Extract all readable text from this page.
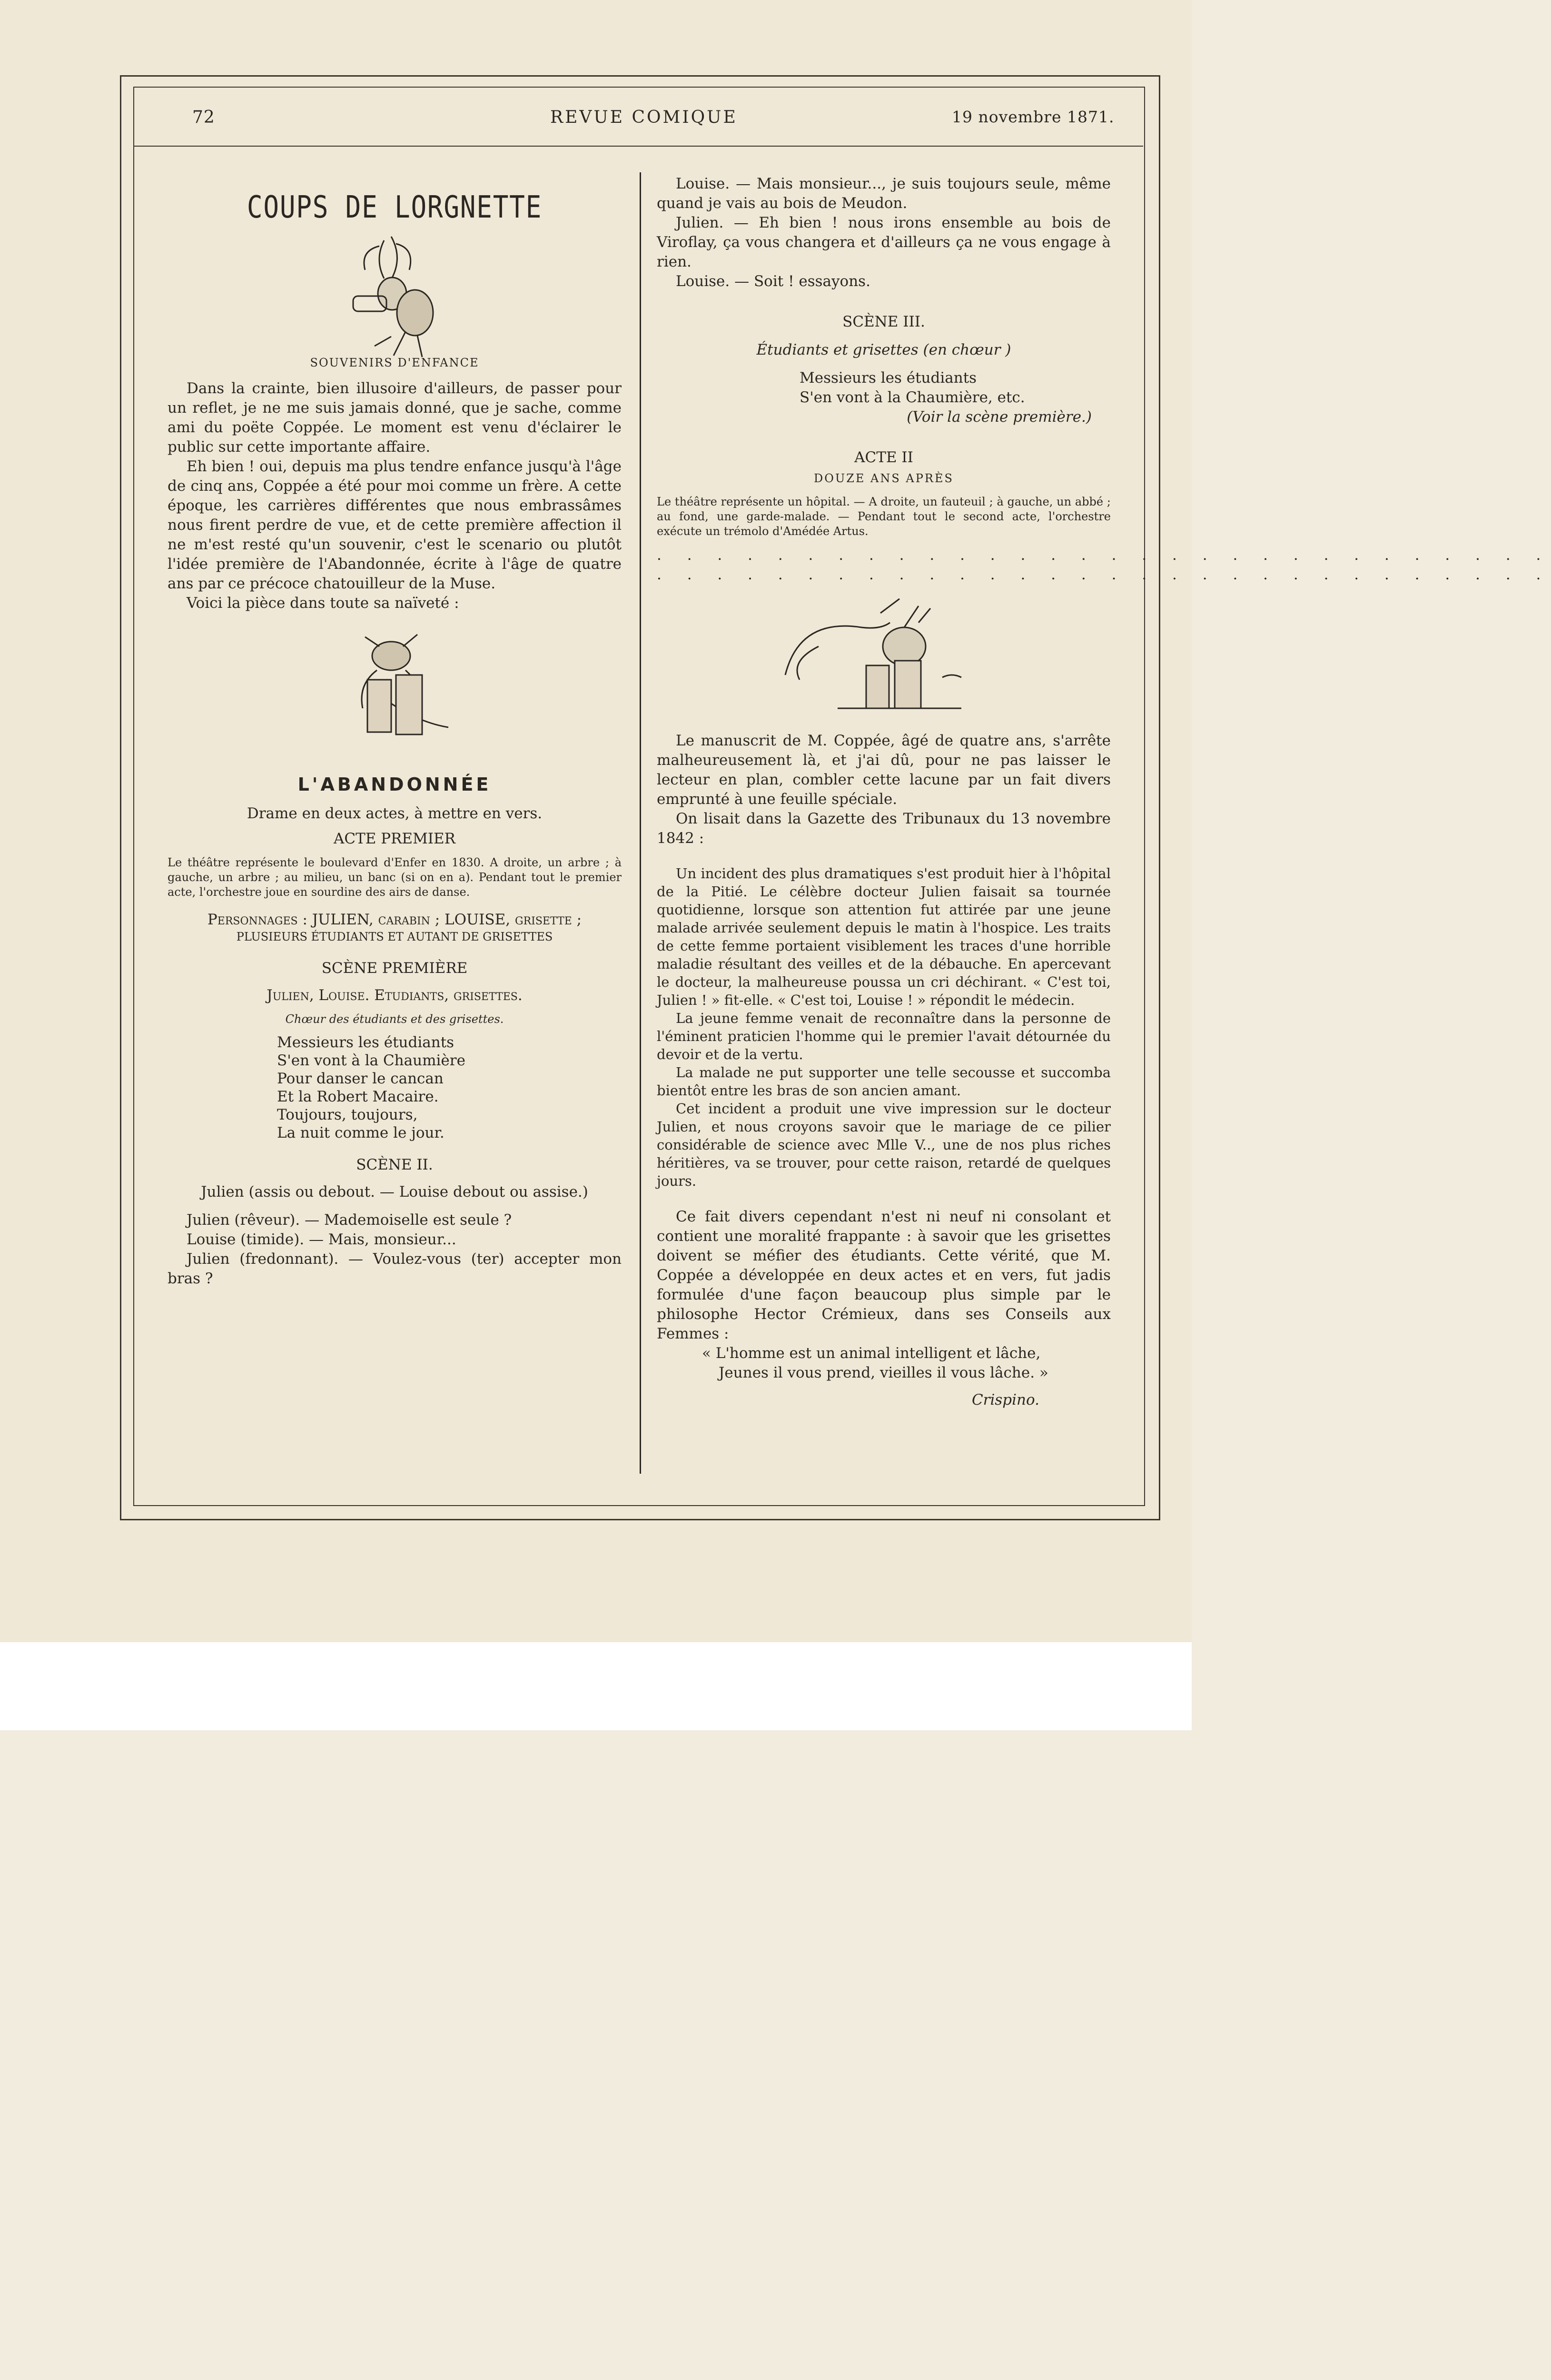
72	REVUE COMIQUE	19 novembre 1871.
COUPS DE LORGNETTE

SOUVENIRS D'ENFANCE

Dans la crainte, bien illusoire d'ailleurs, de passer pour un reflet, je ne me suis jamais donné, que je sache, comme ami du poëte Coppée. Le moment est venu d'éclairer le public sur cette importante affaire.

Eh bien ! oui, depuis ma plus tendre enfance jusqu'à l'âge de cinq ans, Coppée a été pour moi comme un frère. A cette époque, les carrières différentes que nous embrassâmes nous firent perdre de vue, et de cette première affection il ne m'est resté qu'un souvenir, c'est le scenario ou plutôt l'idée première de l'Abandonnée, écrite à l'âge de quatre ans par ce précoce chatouilleur de la Muse.

Voici la pièce dans toute sa naïveté :

L'ABANDONNÉE

Drame en deux actes, à mettre en vers.

ACTE PREMIER

Le théâtre représente le boulevard d'Enfer en 1830. A droite, un arbre ; à gauche, un arbre ; au milieu, un banc (si on en a). Pendant tout le premier acte, l'orchestre joue en sourdine des airs de danse.

Personnages : JULIEN, carabin ; LOUISE, grisette ;

PLUSIEURS ÉTUDIANTS ET AUTANT DE GRISETTES

SCÈNE PREMIÈRE

Julien, Louise. Etudiants, grisettes.

Chœur des étudiants et des grisettes.

Messieurs les étudiants

S'en vont à la Chaumière

Pour danser le cancan

Et la Robert Macaire.

Toujours, toujours,

La nuit comme le jour.

SCÈNE II.

Julien (assis ou debout. — Louise debout ou assise.)

Julien (rêveur). — Mademoiselle est seule ?

Louise (timide). — Mais, monsieur...

Julien (fredonnant). — Voulez-vous (ter) accepter mon bras ?

Louise. — Mais monsieur..., je suis toujours seule, même quand je vais au bois de Meudon.

Julien. — Eh bien ! nous irons ensemble au bois de Viroflay, ça vous changera et d'ailleurs ça ne vous engage à rien.

Louise. — Soit ! essayons.

SCÈNE III.

Étudiants et grisettes (en chœur )

Messieurs les étudiants

S'en vont à la Chaumière, etc.

(Voir la scène première.)

ACTE II

DOUZE ANS APRÈS

Le théâtre représente un hôpital. — A droite, un fauteuil ; à gauche, un abbé ; au fond, une garde-malade. — Pendant tout le second acte, l'orchestre exécute un trémolo d'Amédée Artus.

. . . . . . . . . . . . . . . . . . . . . . . . . . . . . .

. . . . . . . . . . . . . . . . . . . . . . . . . . . . . .

Le manuscrit de M. Coppée, âgé de quatre ans, s'arrête malheureusement là, et j'ai dû, pour ne pas laisser le lecteur en plan, combler cette lacune par un fait divers emprunté à une feuille spéciale.

On lisait dans la Gazette des Tribunaux du 13 novembre 1842 :

Un incident des plus dramatiques s'est produit hier à l'hôpital de la Pitié. Le célèbre docteur Julien faisait sa tournée quotidienne, lorsque son attention fut attirée par une jeune malade arrivée seulement depuis le matin à l'hospice. Les traits de cette femme portaient visiblement les traces d'une horrible maladie résultant des veilles et de la débauche. En apercevant le docteur, la malheureuse poussa un cri déchirant. « C'est toi, Julien ! » fit-elle. « C'est toi, Louise ! » répondit le médecin.

La jeune femme venait de reconnaître dans la personne de l'éminent praticien l'homme qui le premier l'avait détournée du devoir et de la vertu.

La malade ne put supporter une telle secousse et succomba bientôt entre les bras de son ancien amant.

Cet incident a produit une vive impression sur le docteur Julien, et nous croyons savoir que le mariage de ce pilier considérable de science avec Mlle V.., une de nos plus riches héritières, va se trouver, pour cette raison, retardé de quelques jours.

Ce fait divers cependant n'est ni neuf ni consolant et contient une moralité frappante : à savoir que les grisettes doivent se méfier des étudiants. Cette vérité, que M. Coppée a développée en deux actes et en vers, fut jadis formulée d'une façon beaucoup plus simple par le philosophe Hector Crémieux, dans ses Conseils aux Femmes :

« L'homme est un animal intelligent et lâche,

Jeunes il vous prend, vieilles il vous lâche. »

Crispino.
